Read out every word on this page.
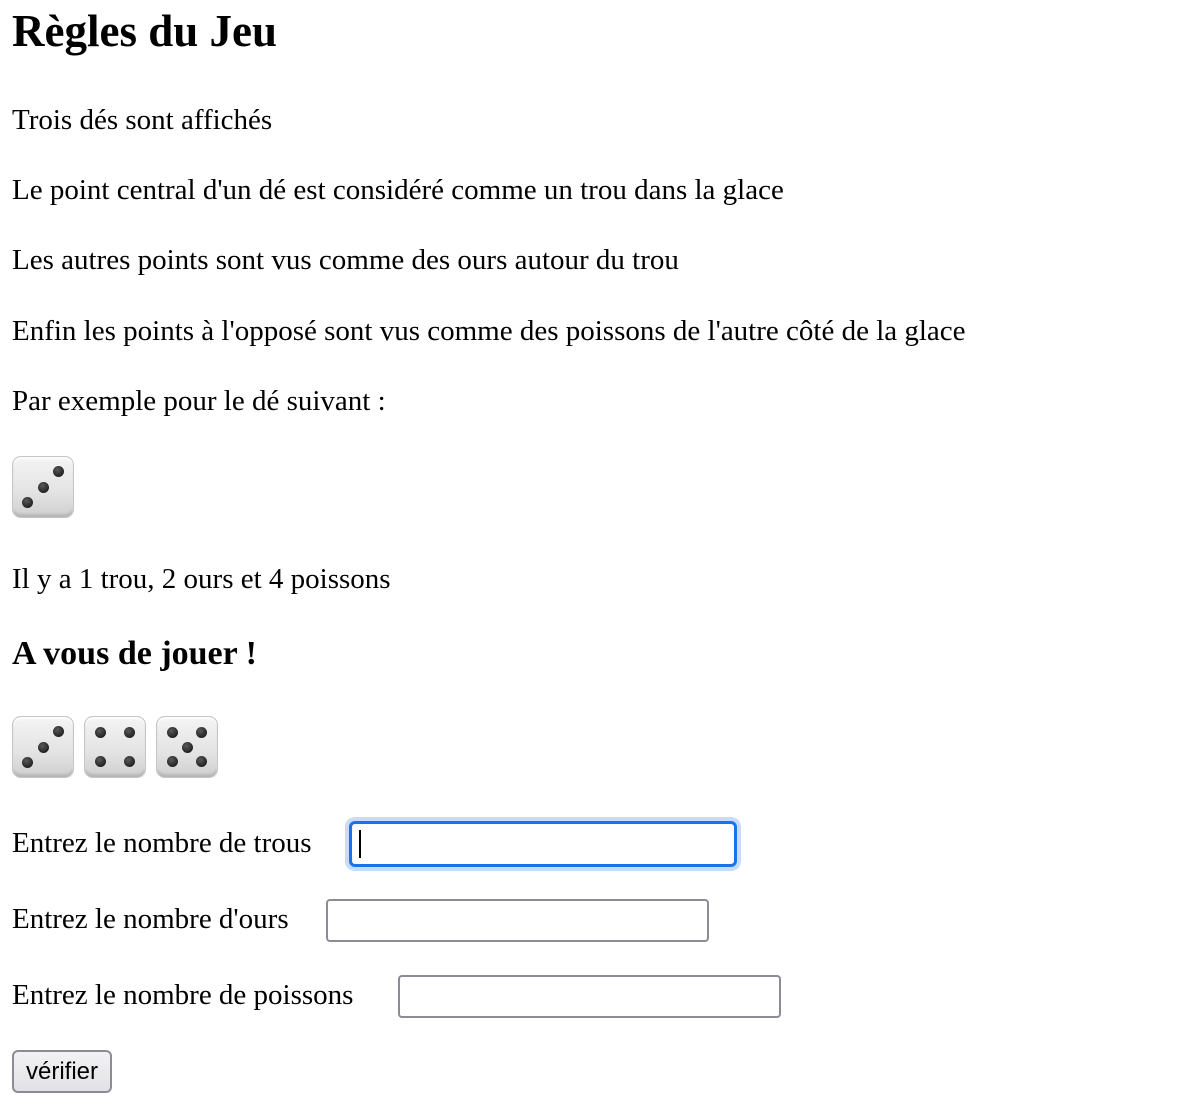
Règles du Jeu

Trois dés sont affichés

Le point central d'un dé est considéré comme un trou dans la glace

Les autres points sont vus comme des ours autour du trou

Enfin les points à l'opposé sont vus comme des poissons de l'autre côté de la glace

Par exemple pour le dé suivant :

Il y a 1 trou, 2 ours et 4 poissons

A vous de jouer !
Entrez le nombre de trous
Entrez le nombre d'ours
Entrez le nombre de poissons
vérifier
